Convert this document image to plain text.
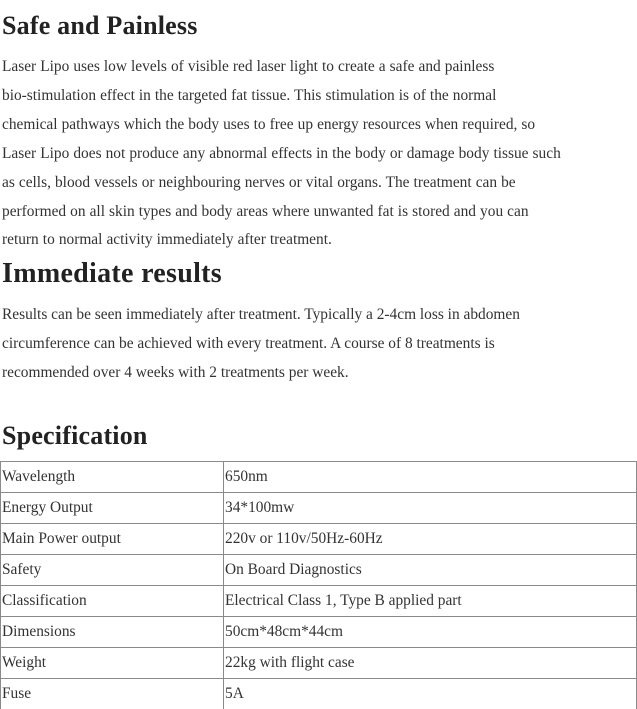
Safe and Painless

Laser Lipo uses low levels of visible red laser light to create a safe and painless
bio-stimulation effect in the targeted fat tissue. This stimulation is of the normal
chemical pathways which the body uses to free up energy resources when required, so
Laser Lipo does not produce any abnormal effects in the body or damage body tissue such
as cells, blood vessels or neighbouring nerves or vital organs. The treatment can be
performed on all skin types and body areas where unwanted fat is stored and you can
return to normal activity immediately after treatment.

Immediate results

Results can be seen immediately after treatment. Typically a 2-4cm loss in abdomen
circumference can be achieved with every treatment. A course of 8 treatments is
recommended over 4 weeks with 2 treatments per week.

Specification
Wavelength	650nm
Energy Output	34*100mw
Main Power output	220v or 110v/50Hz-60Hz
Safety	On Board Diagnostics
Classification	Electrical Class 1, Type B applied part
Dimensions	50cm*48cm*44cm
Weight	22kg with flight case
Fuse	5A
